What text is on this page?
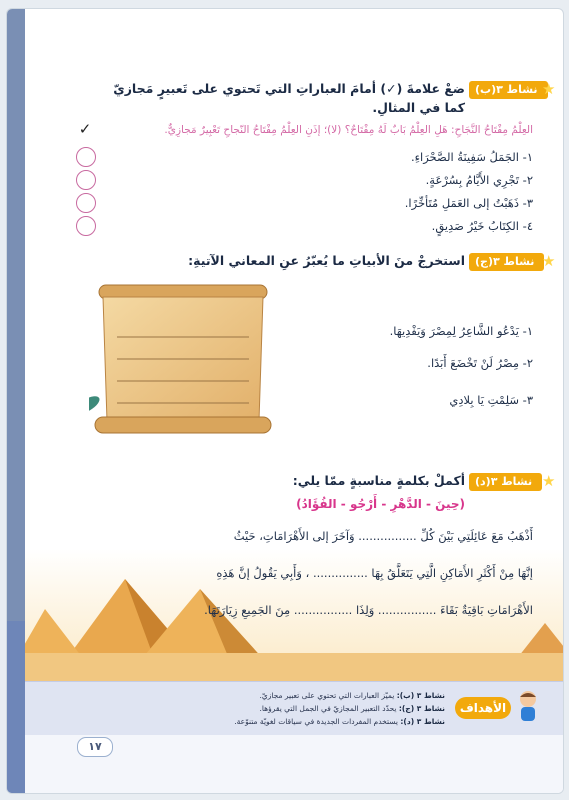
نشاط ٣(ب) ★
ضعْ علامةَ (✓) أمامَ العباراتِ التي تَحتوي على تَعبيرٍ مَجازيّ
كما في المثالِ.
العِلْمُ مِفْتَاحُ النَّجَاحِ: هَلِ العِلْمُ بَابٌ لَهُ مِفْتَاحٌ؟ (لا)؛ إذَنِ العِلْمُ مِفْتَاحُ النّجاحِ تَعْبِيرٌ مَجازِيٌّ.
✓
١- الجَمَلُ سَفِينَةُ الصَّحْرَاءِ.
٢- تَجْرِي الأَيَّامُ بِسُرْعَةٍ.
٣- ذَهَبْتُ إلى العَمَلِ مُتَأخِّرًا.
٤- الكِتَابُ خَيْرُ صَدِيقٍ.
نشاط ٣(ج) ★
استخرجْ منَ الأبياتِ ما يُعبّرُ عنِ المعاني الآتيةِ:
١- يَدْعُو الشَّاعِرُ لِمِصْرَ وَيَفْدِيهَا.
٢- مِصْرُ لَنْ تَخْضَعَ أَبَدًا.
٣- سَلِمْتِ يَا بِلادِي
نشاط ٣(د) ★
أكملْ بكلمةٍ مناسبةٍ ممّا يلي:
(حِينَ - الدَّهْرِ - أَرْجُو - الفُؤَادُ)
أَذْهَبُ مَعَ عَائِلَتِي بَيْنَ كُلِّ ................ وَآخَرَ إلى الأَهْرَامَاتِ، حَيْثُ
إنَّهَا مِنْ أَكْثَرِ الأَمَاكِنِ الَّتِي يَتَعَلَّقُ بِهَا ............... ، وَأَبِي يَقُولُ إنَّ هَذِهِ
الأَهْرَامَاتِ بَاقِيَةٌ بَقَاءَ ................ وَلِذَا ................ مِنَ الجَمِيعِ زِيَارَتَهَا.
نشاط ٣ (ب): يميّز العبارات التي تحتوي على تعبير مجازيّ.
نشاط ٣ (ج): يحدّد التعبير المجازيّ في الجمل التي يقرؤها.
نشاط ٣ (د): يستخدم المفردات الجديدة في سياقات لغويّة متنوّعة.
الأهداف
١٧
